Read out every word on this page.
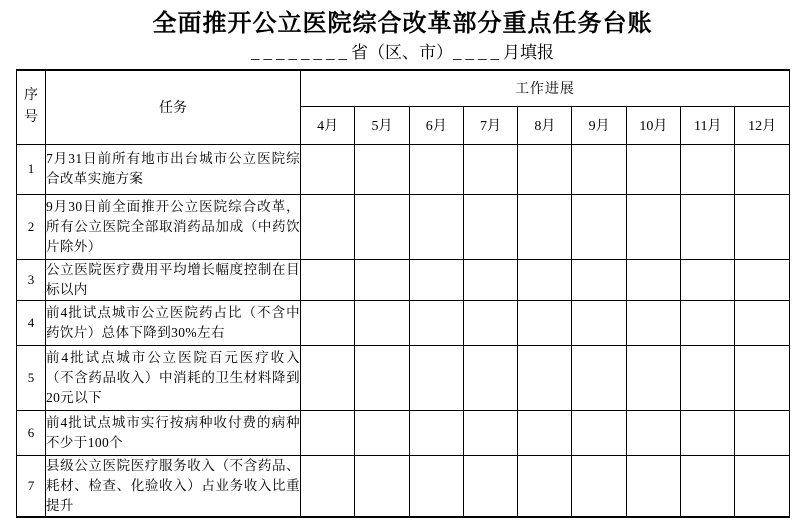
全面推开公立医院综合改革部分重点任务台账
________省（区、市）____月填报
序号	任务	工作进展								
		4月	5月	6月	7月	8月	9月	10月	11月	12月
1	7月31日前所有地市出台城市公立医院综合改革实施方案									
2	9月30日前全面推开公立医院综合改革，所有公立医院全部取消药品加成（中药饮片除外）									
3	公立医院医疗费用平均增长幅度控制在目标以内									
4	前4批试点城市公立医院药占比（不含中药饮片）总体下降到30%左右									
5	前4批试点城市公立医院百元医疗收入（不含药品收入）中消耗的卫生材料降到20元以下									
6	前4批试点城市实行按病种收付费的病种不少于100个									
7	县级公立医院医疗服务收入（不含药品、耗材、检查、化验收入）占业务收入比重提升									
